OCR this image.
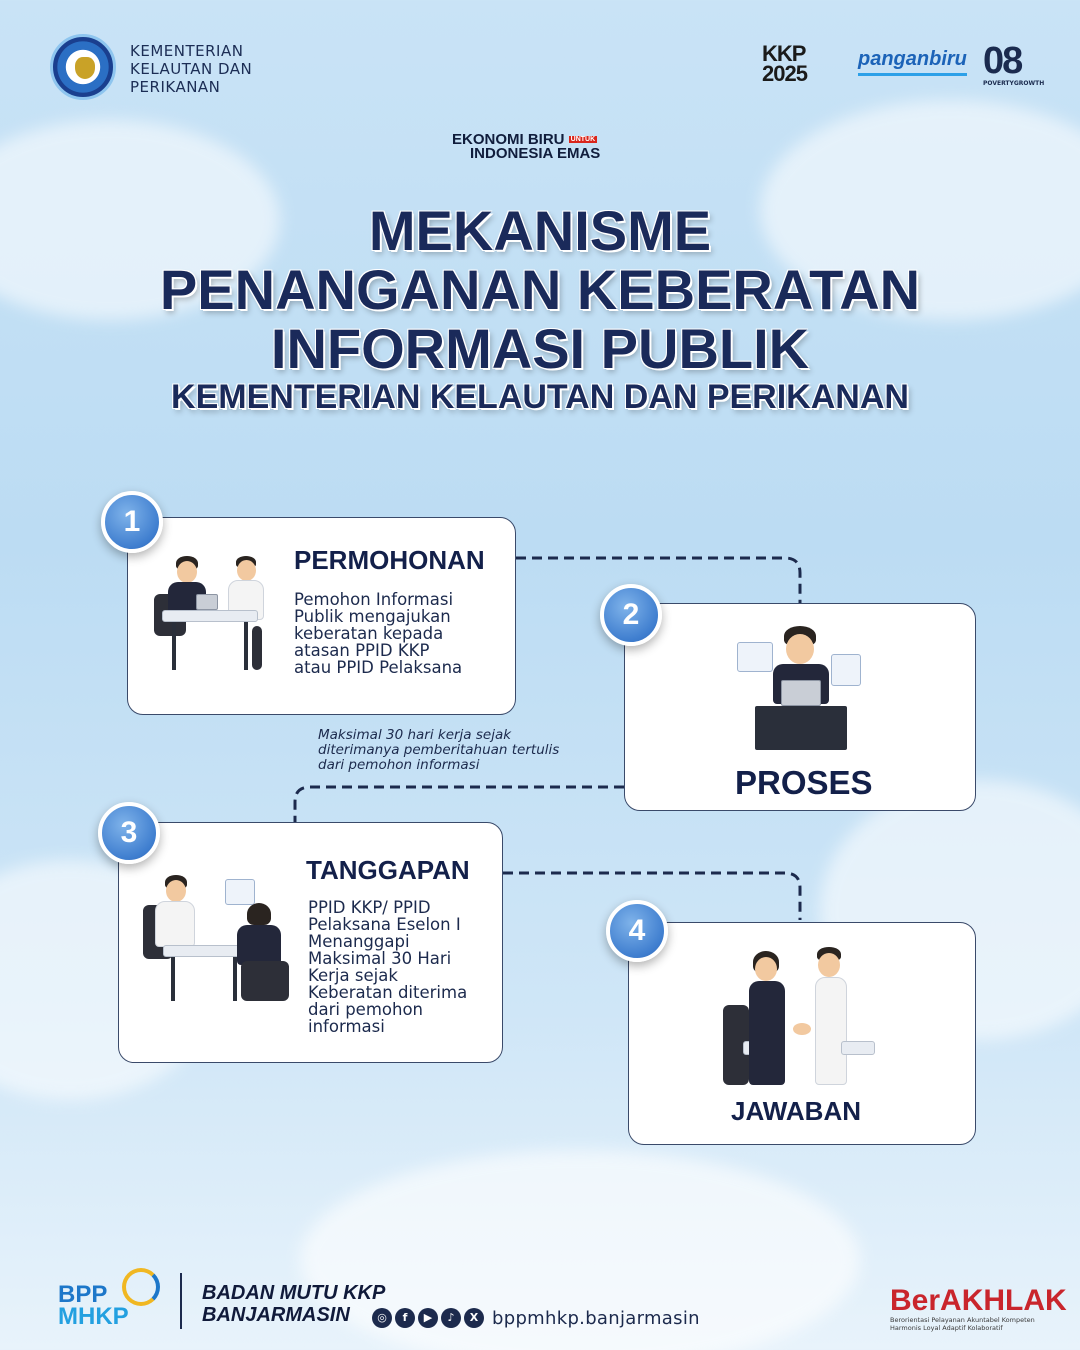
KEMENTERIAN
KELAUTAN DAN
PERIKANAN
KKP
2025
panganbiru 08
POVERTY GROWTH
EKONOMI BIRU $^{UNTUK}$
INDONESIA EMAS
MEKANISME
PENANGANAN KEBERATAN
INFORMASI PUBLIK
KEMENTERIAN KELAUTAN DAN PERIKANAN
PERMOHONAN
Pemohon Informasi
Publik mengajukan
keberatan kepada
atasan PPID KKP
atau PPID Pelaksana
1
PROSES
2
Maksimal 30 hari kerja sejak
diterimanya pemberitahuan tertulis
dari pemohon informasi
TANGGAPAN
PPID KKP/ PPID
Pelaksana Eselon I
Menanggapi
Maksimal 30 Hari
Kerja sejak
Keberatan diterima
dari pemohon
informasi
3
JAWABAN
4
BPP
MHKP
BADAN MUTU KKP
BANJARMASIN	◎	f	▶	♪	X bppmhkp.banjarmasin
BerAKHLAK
Berorientasi Pelayanan Akuntabel Kompeten Harmonis Loyal Adaptif Kolaboratif
